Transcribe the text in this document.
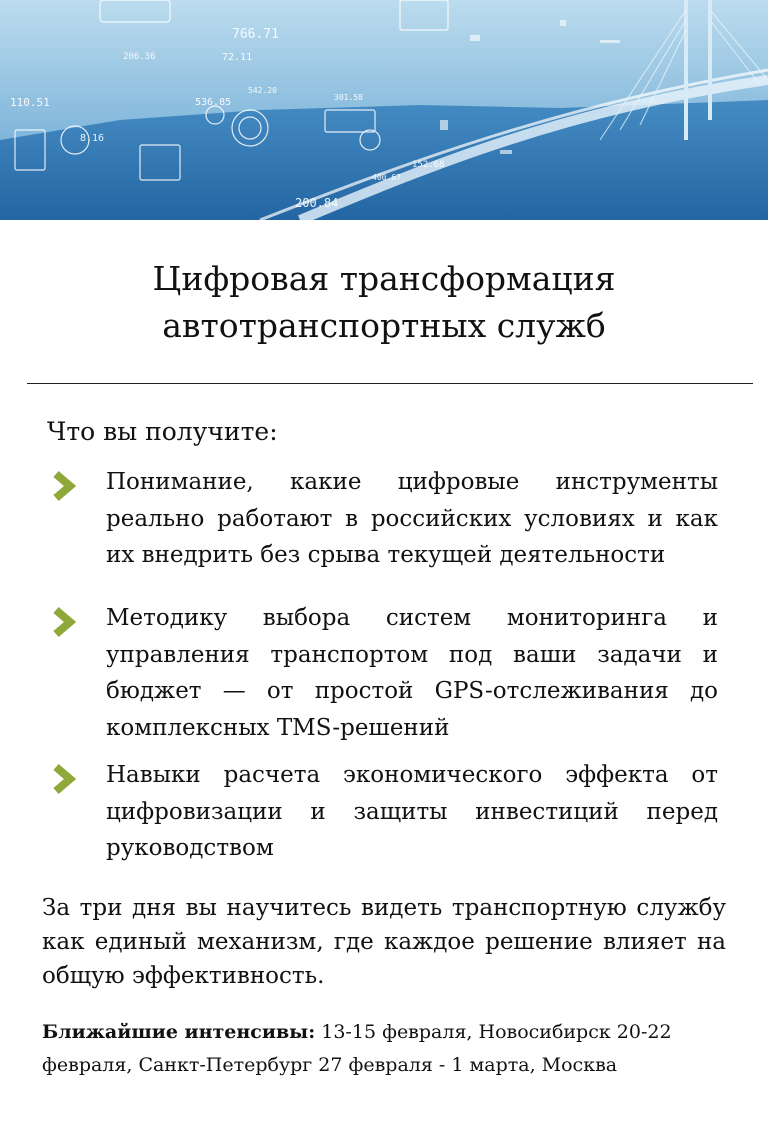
766.71
206.36	72.11
110.51	536.85
542.20
301.58
8.16
400.67
152.68
200.84
Цифровая трансформация
автотранспортных служб
Что вы получите:

Понимание, какие цифровые инструменты реально работают в российских условиях и как их внедрить без срыва текущей деятельности

Методику выбора систем мониторинга и управления транспортом под ваши задачи и бюджет — от простой GPS-отслеживания до комплексных TMS-решений

Навыки расчета экономического эффекта от цифровизации и защиты инвестиций перед руководством

За три дня вы научитесь видеть транспортную службу как единый механизм, где каждое решение влияет на общую эффективность.

Ближайшие интенсивы: 13-15 февраля, Новосибирск 20-22 февраля, Санкт-Петербург 27 февраля - 1 марта, Москва
